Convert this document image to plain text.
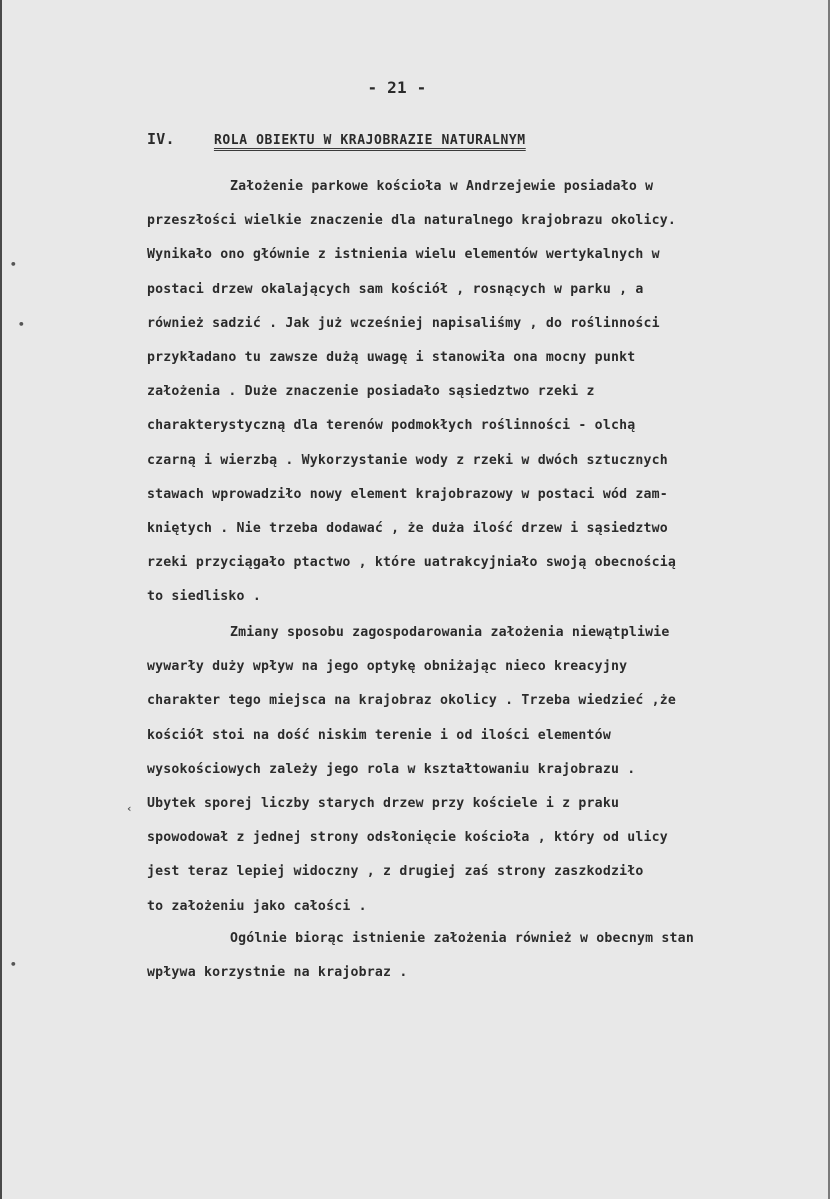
- 21 -
IV.	ROLA OBIEKTU W KRAJOBRAZIE NATURALNYM

Założenie parkowe kościoła w Andrzejewie posiadało w
przeszłości wielkie znaczenie dla naturalnego krajobrazu okolicy.
Wynikało ono głównie z istnienia wielu elementów wertykalnych w
postaci drzew okalających sam kościół , rosnących w parku , a
również sadzić . Jak już wcześniej napisaliśmy , do roślinności
przykładano tu zawsze dużą uwagę i stanowiła ona mocny punkt
założenia . Duże znaczenie posiadało sąsiedztwo rzeki z
charakterystyczną dla terenów podmokłych roślinności - olchą
czarną i wierzbą . Wykorzystanie wody z rzeki w dwóch sztucznych
stawach wprowadziło nowy element krajobrazowy w postaci wód zam-
kniętych . Nie trzeba dodawać , że duża ilość drzew i sąsiedztwo
rzeki przyciągało ptactwo , które uatrakcyjniało swoją obecnością
to siedlisko .

Zmiany sposobu zagospodarowania założenia niewątpliwie
wywarły duży wpływ na jego optykę obniżając nieco kreacyjny
charakter tego miejsca na krajobraz okolicy . Trzeba wiedzieć ,że
kościół stoi na dość niskim terenie i od ilości elementów
wysokościowych zależy jego rola w kształtowaniu krajobrazu .
Ubytek sporej liczby starych drzew przy kościele i z praku
spowodował z jednej strony odsłonięcie kościoła , który od ulicy
jest teraz lepiej widoczny , z drugiej zaś strony zaszkodziło
to założeniu jako całości .

Ogólnie biorąc istnienie założenia również w obecnym stan
wpływa korzystnie na krajobraz .

•
•
‹
•
